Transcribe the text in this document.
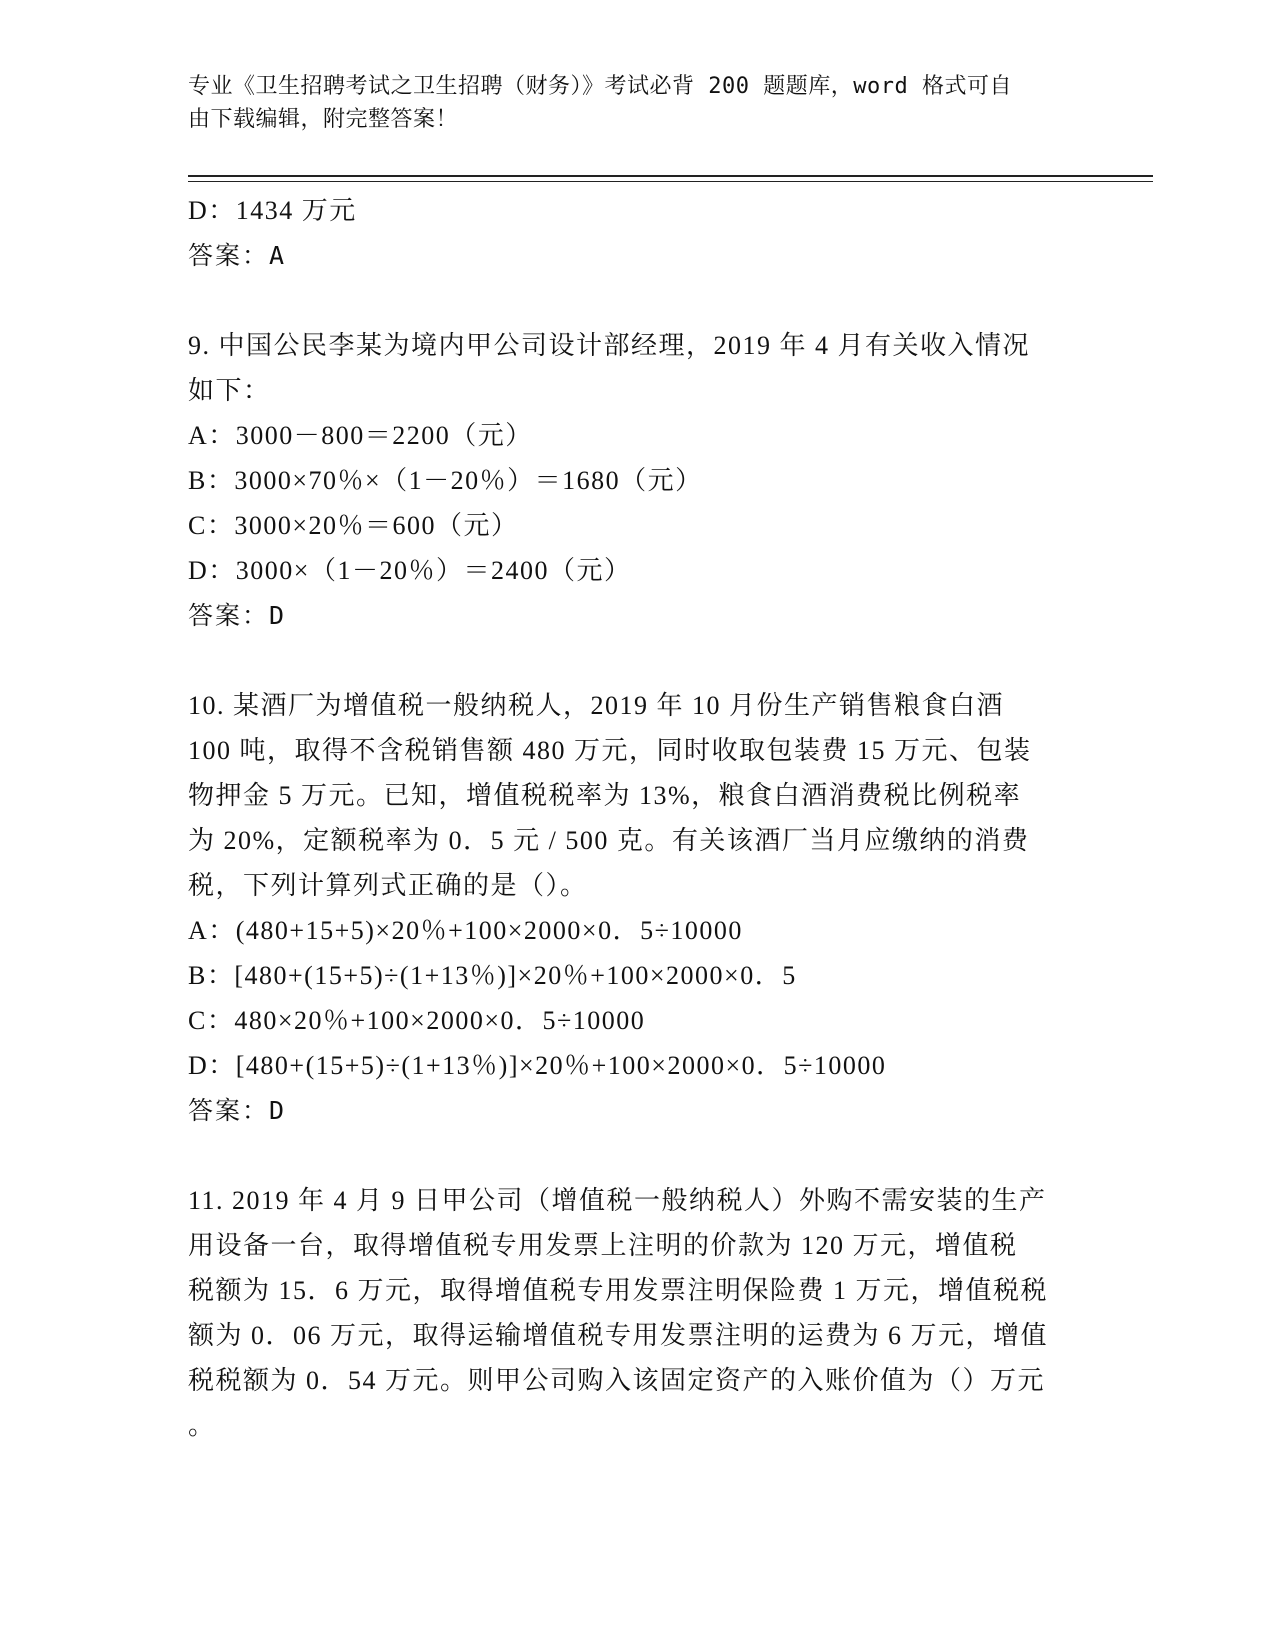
专业《卫生招聘考试之卫生招聘（财务）》考试必背 200 题题库，word 格式可自
由下载编辑，附完整答案！
D：1434 万元
答案：A
9. 中国公民李某为境内甲公司设计部经理，2019 年 4 月有关收入情况
如下：
A：3000－800＝2200（元）
B：3000×70％×（1－20％）＝1680（元）
C：3000×20％＝600（元）
D：3000×（1－20％）＝2400（元）
答案：D
10. 某酒厂为增值税一般纳税人，2019 年 10 月份生产销售粮食白酒
100 吨，取得不含税销售额 480 万元，同时收取包装费 15 万元、包装
物押金 5 万元。已知，增值税税率为 13%，粮食白酒消费税比例税率
为 20%，定额税率为 0．5 元 / 500 克。有关该酒厂当月应缴纳的消费
税，下列计算列式正确的是（）。
A：(480+15+5)×20％+100×2000×0．5÷10000
B：[480+(15+5)÷(1+13％)]×20％+100×2000×0．5
C：480×20％+100×2000×0．5÷10000
D：[480+(15+5)÷(1+13％)]×20％+100×2000×0．5÷10000
答案：D
11. 2019 年 4 月 9 日甲公司（增值税一般纳税人）外购不需安装的生产
用设备一台，取得增值税专用发票上注明的价款为 120 万元，增值税
税额为 15．6 万元，取得增值税专用发票注明保险费 1 万元，增值税税
额为 0．06 万元，取得运输增值税专用发票注明的运费为 6 万元，增值
税税额为 0．54 万元。则甲公司购入该固定资产的入账价值为（）万元
。
